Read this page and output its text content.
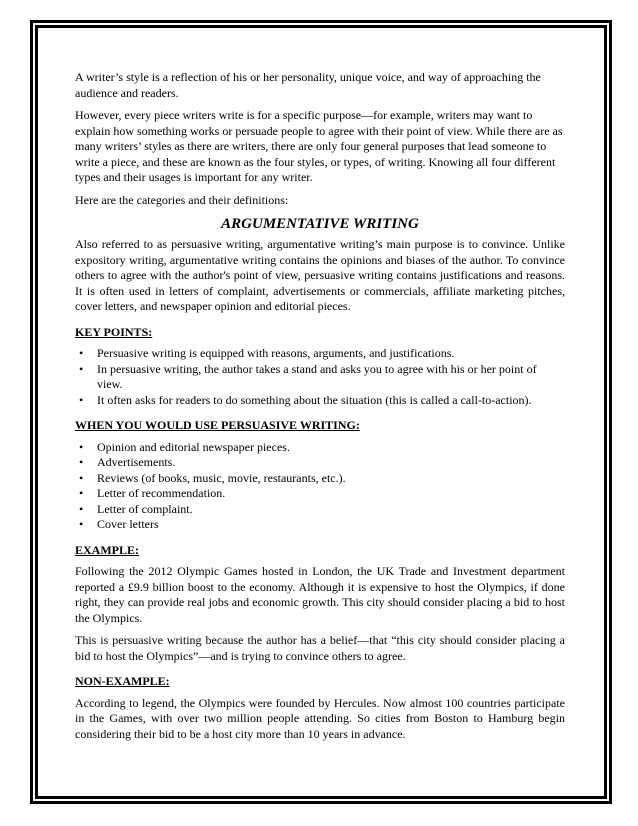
A writer’s style is a reflection of his or her personality, unique voice, and way of approaching the audience and readers.

However, every piece writers write is for a specific purpose—for example, writers may want to explain how something works or persuade people to agree with their point of view. While there are as many writers’ styles as there are writers, there are only four general purposes that lead someone to write a piece, and these are known as the four styles, or types, of writing. Knowing all four different types and their usages is important for any writer.

Here are the categories and their definitions:

ARGUMENTATIVE WRITING

Also referred to as persuasive writing, argumentative writing’s main purpose is to convince. Unlike expository writing, argumentative writing contains the opinions and biases of the author. To convince others to agree with the author's point of view, persuasive writing contains justifications and reasons. It is often used in letters of complaint, advertisements or commercials, affiliate marketing pitches, cover letters, and newspaper opinion and editorial pieces.

KEY POINTS:
• Persuasive writing is equipped with reasons, arguments, and justifications.
• In persuasive writing, the author takes a stand and asks you to agree with his or her point of view.
• It often asks for readers to do something about the situation (this is called a call-to-action).
WHEN YOU WOULD USE PERSUASIVE WRITING:
• Opinion and editorial newspaper pieces.
• Advertisements.
• Reviews (of books, music, movie, restaurants, etc.).
• Letter of recommendation.
• Letter of complaint.
• Cover letters
EXAMPLE:

Following the 2012 Olympic Games hosted in London, the UK Trade and Investment department reported a £9.9 billion boost to the economy. Although it is expensive to host the Olympics, if done right, they can provide real jobs and economic growth. This city should consider placing a bid to host the Olympics.

This is persuasive writing because the author has a belief—that “this city should consider placing a bid to host the Olympics”—and is trying to convince others to agree.

NON-EXAMPLE:

According to legend, the Olympics were founded by Hercules. Now almost 100 countries participate in the Games, with over two million people attending. So cities from Boston to Hamburg begin considering their bid to be a host city more than 10 years in advance.
